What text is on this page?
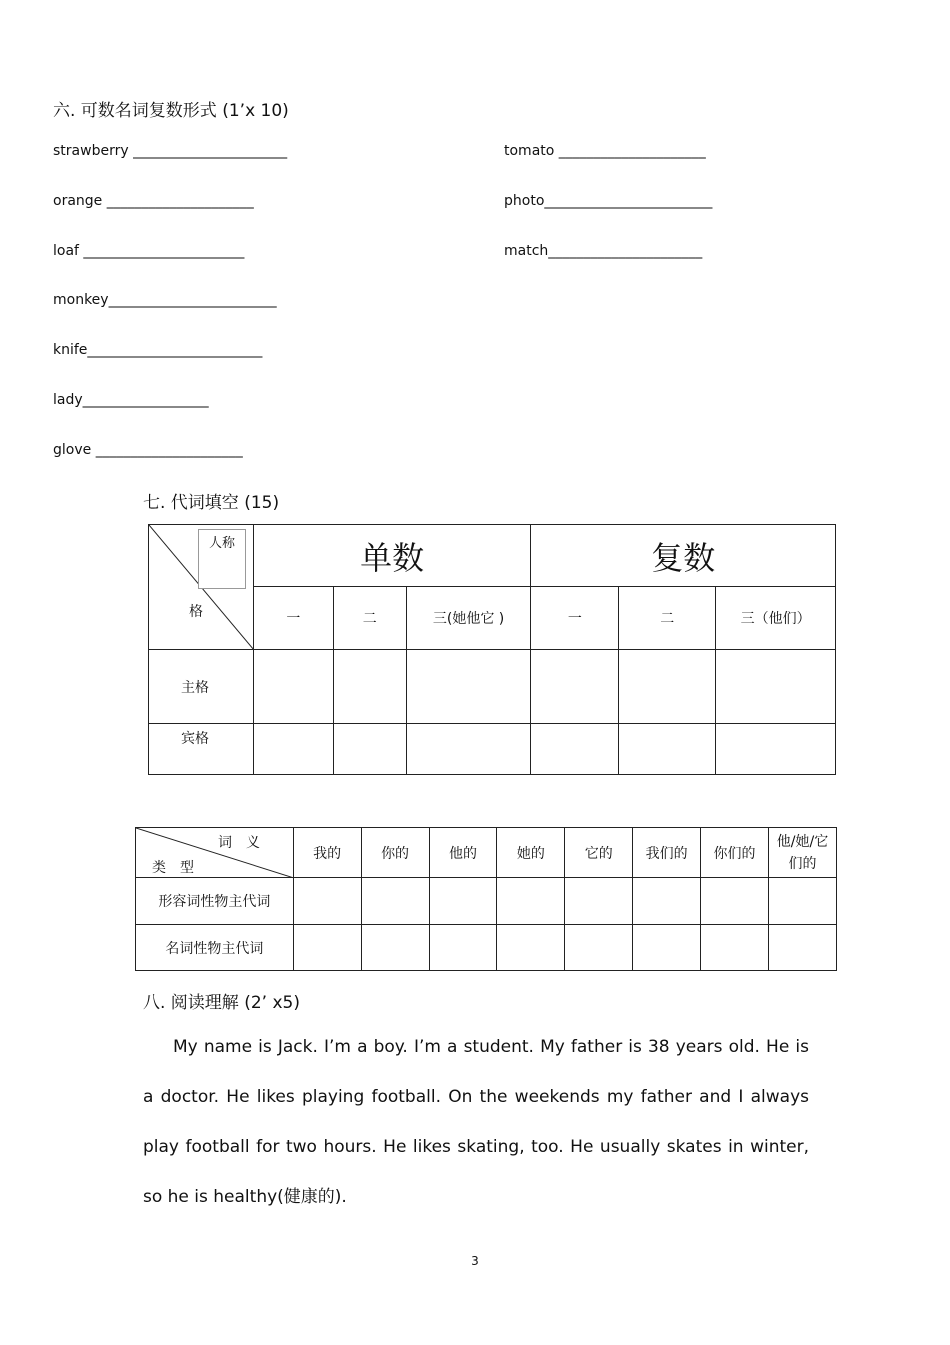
六. 可数名词复数形式 (1’x 10)
strawberry ______________________
orange _____________________
loaf _______________________
monkey________________________
knife_________________________
lady__________________
glove _____________________
tomato _____________________
photo________________________
match______________________
七. 代词填空 (15)
人称
格	单数			复数		
	一	二	三(她他它 )	一	二	三（他们）
主格						
宾格						
词　义
类　型	我的	你的	他的	她的	它的	我们的	你们的	他/她/它们的
形容词性物主代词								
名词性物主代词								
八. 阅读理解 (2’ x5)

My name is Jack. I’m a boy. I’m a student. My father is 38 years old. He is a doctor. He likes playing football. On the weekends my father and I always play football for two hours. He likes skating, too. He usually skates in winter, so he is healthy(健康的).

3
